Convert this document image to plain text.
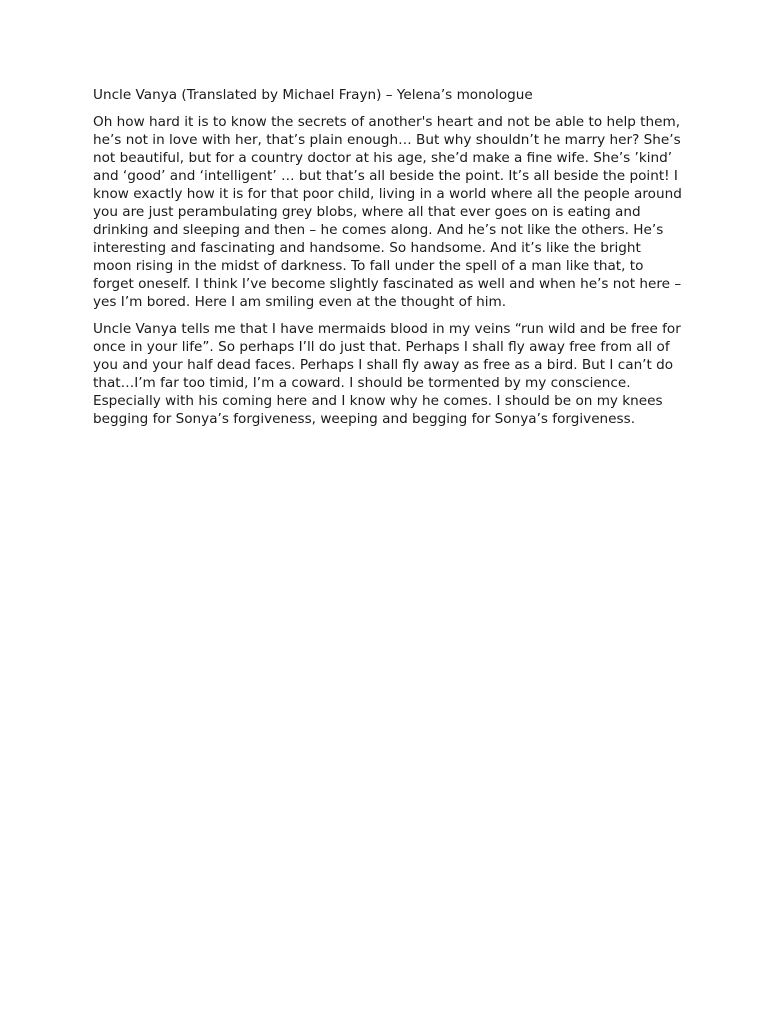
Uncle Vanya (Translated by Michael Frayn) – Yelena’s monologue

Oh how hard it is to know the secrets of another's heart and not be able to help them, he’s not in love with her, that’s plain enough… But why shouldn’t he marry her? She’s not beautiful, but for a country doctor at his age, she’d make a fine wife. She’s ’kind’ and ‘good’ and ‘intelligent’ … but that’s all beside the point. It’s all beside the point! I know exactly how it is for that poor child, living in a world where all the people around you are just perambulating grey blobs, where all that ever goes on is eating and drinking and sleeping and then – he comes along. And he’s not like the others. He’s interesting and fascinating and handsome. So handsome. And it’s like the bright moon rising in the midst of darkness. To fall under the spell of a man like that, to forget oneself. I think I’ve become slightly fascinated as well and when he’s not here – yes I’m bored. Here I am smiling even at the thought of him.

Uncle Vanya tells me that I have mermaids blood in my veins “run wild and be free for once in your life”. So perhaps I’ll do just that. Perhaps I shall fly away free from all of you and your half dead faces. Perhaps I shall fly away as free as a bird. But I can’t do that…I’m far too timid, I’m a coward. I should be tormented by my conscience. Especially with his coming here and I know why he comes. I should be on my knees begging for Sonya’s forgiveness, weeping and begging for Sonya’s forgiveness.
